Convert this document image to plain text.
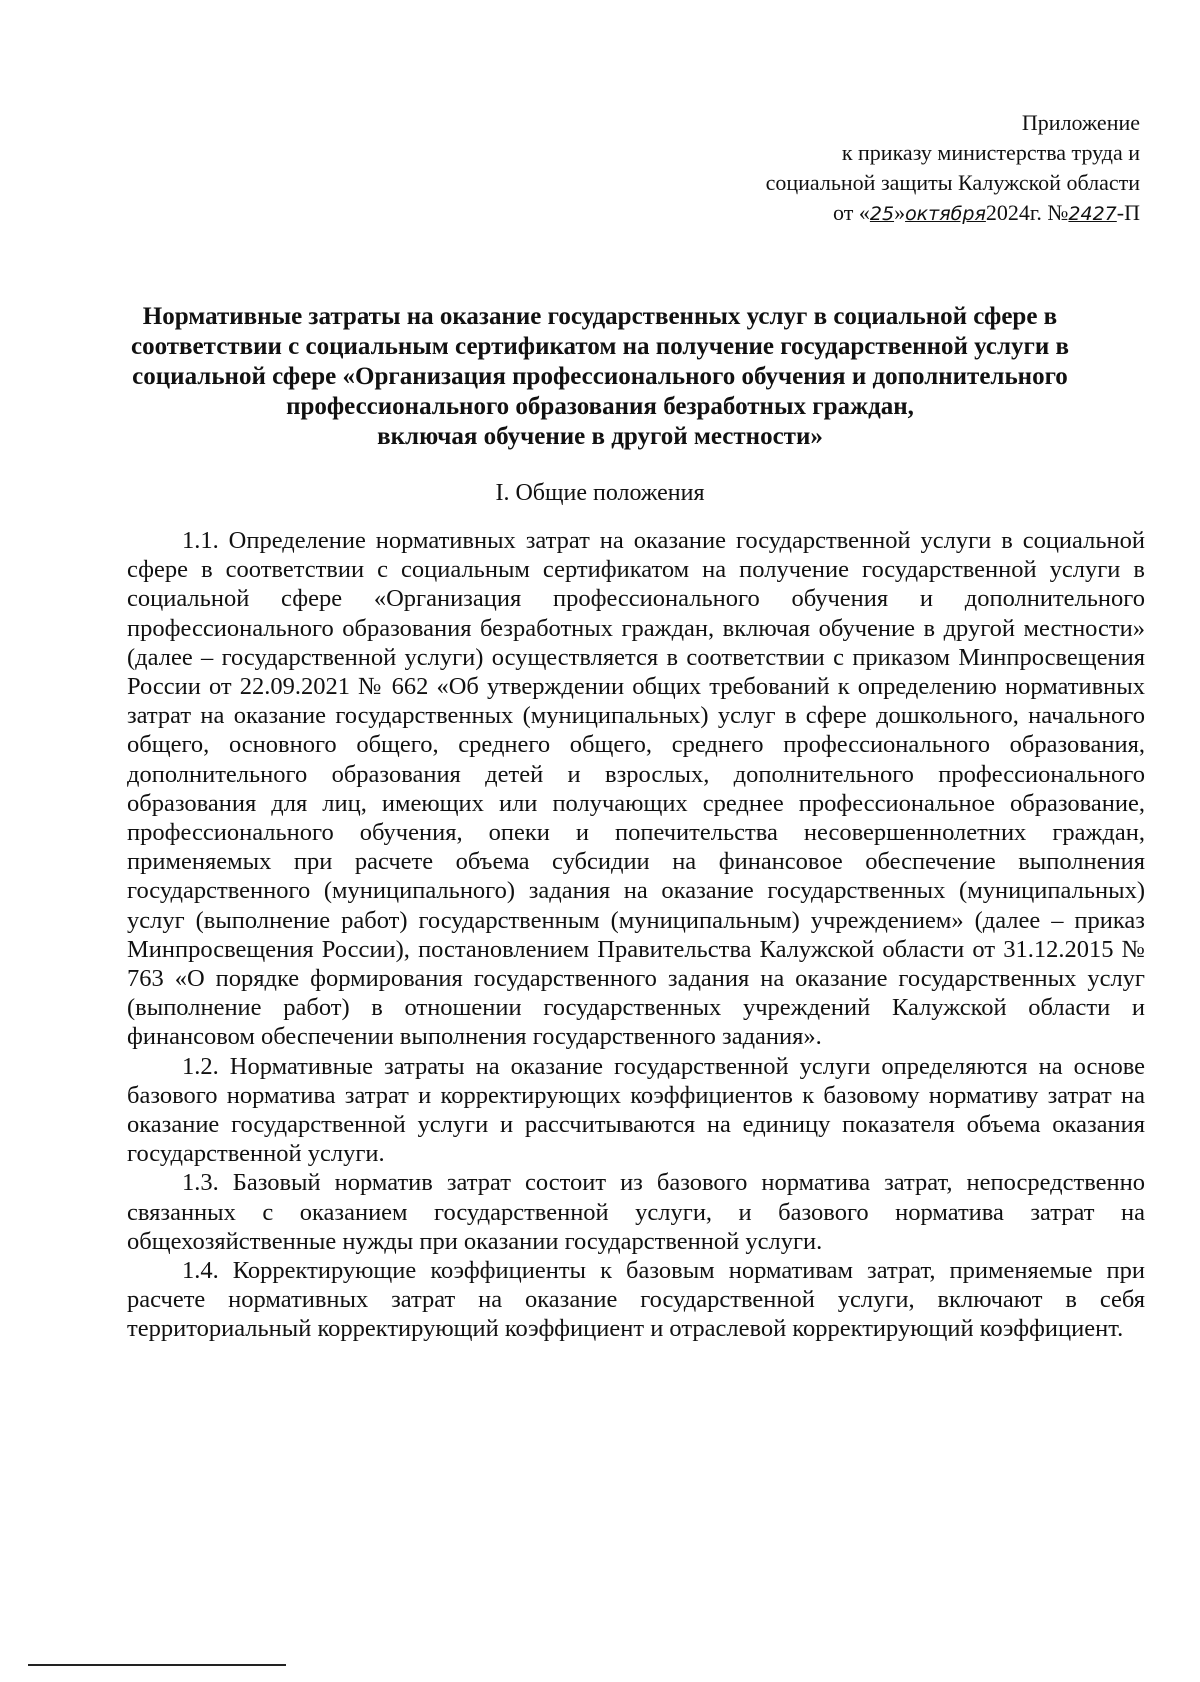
Приложение
к приказу министерства труда и
социальной защиты Калужской области
от «25»октября2024г. №2427-П
Нормативные затраты на оказание государственных услуг в социальной сфере в
соответствии с социальным сертификатом на получение государственной услуги в
социальной сфере «Организация профессионального обучения и дополнительного
профессионального образования безработных граждан,
включая обучение в другой местности»
I. Общие положения

1.1. Определение нормативных затрат на оказание государственной услуги в социальной сфере в соответствии с социальным сертификатом на получение государственной услуги в социальной сфере «Организация профессионального обучения и дополнительного профессионального образования безработных граждан, включая обучение в другой местности» (далее – государственной услуги) осуществляется в соответствии с приказом Минпросвещения России от 22.09.2021 № 662 «Об утверждении общих требований к определению нормативных затрат на оказание государственных (муниципальных) услуг в сфере дошкольного, начального общего, основного общего, среднего общего, среднего профессионального образования, дополнительного образования детей и взрослых, дополнительного профессионального образования для лиц, имеющих или получающих среднее профессиональное образование, профессионального обучения, опеки и попечительства несовершеннолетних граждан, применяемых при расчете объема субсидии на финансовое обеспечение выполнения государственного (муниципального) задания на оказание государственных (муниципальных) услуг (выполнение работ) государственным (муниципальным) учреждением» (далее – приказ Минпросвещения России), постановлением Правительства Калужской области от 31.12.2015 № 763 «О порядке формирования государственного задания на оказание государственных услуг (выполнение работ) в отношении государственных учреждений Калужской области и финансовом обеспечении выполнения государственного задания».

1.2. Нормативные затраты на оказание государственной услуги определяются на основе базового норматива затрат и корректирующих коэффициентов к базовому нормативу затрат на оказание государственной услуги и рассчитываются на единицу показателя объема оказания государственной услуги.

1.3. Базовый норматив затрат состоит из базового норматива затрат, непосредственно связанных с оказанием государственной услуги, и базового норматива затрат на общехозяйственные нужды при оказании государственной услуги.

1.4. Корректирующие коэффициенты к базовым нормативам затрат, применяемые при расчете нормативных затрат на оказание государственной услуги, включают в себя территориальный корректирующий коэффициент и отраслевой корректирующий коэффициент.
